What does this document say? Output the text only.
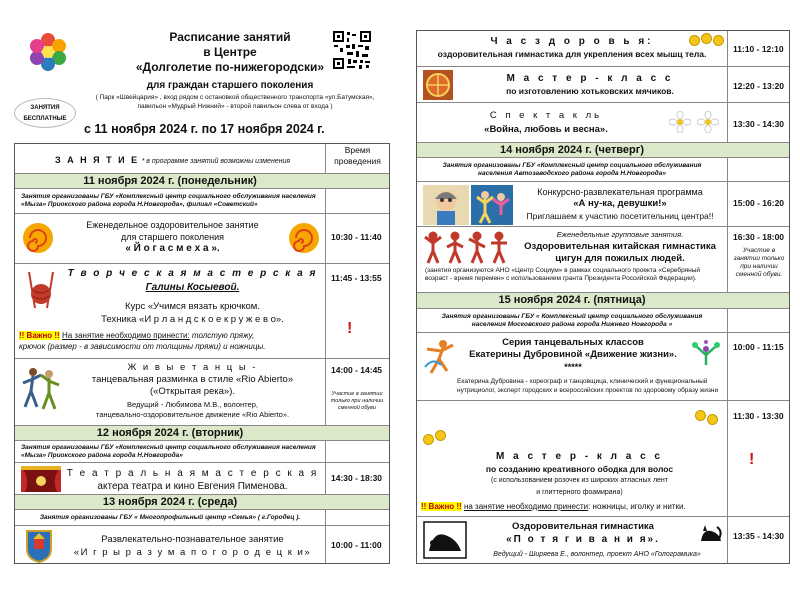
Расписание занятий
в Центре
«Долголетие по-нижегородски»
для граждан старшего поколения
( Парк «Швейцария» , вход рядом с остановкой общественного транспорта «ул.Батумская»,
павильон «Мудрый Нижний» - второй павильон слева от входа )
ЗАНЯТИЯ
БЕСПЛАТНЫЕ
с 11 ноября 2024 г. по 17 ноября 2024 г.
З А Н Я Т И Е * в программе занятий возможны изменения
Время
проведения
11 ноября 2024 г. (понедельник)
Занятия организованы ГБУ «Комплексный центр социального обслуживания населения «Мыза» Приокского района города Н.Новгорода», филиал «Советский»
Еженедельное оздоровительное занятие
для старшего поколения
« Й о г а с м е х а ».
10:30 - 11:40
Т в о р ч е с к а я м а с т е р с к а я
Галины Косыевой.
Курс «Учимся вязать крючком.
Техника «И р л а н д с к о е к р у ж е в о».
!! Важно !! На занятие необходимо принести: толстую пряжу,
крючок (размер - в зависимости от толщины пряжи) и ножницы.
11:45 - 13:55
!
Ж и в ы е т а н ц ы -
танцевальная разминка в стиле «Rio Abierto»
(«Открытая река»).
Ведущий - Любимова М.В., волонтер,
танцевально-оздоровительное движение «Rio Abierto».
14:00 - 14:45
Участие в занятии только при наличии сменной обуви
12 ноября 2024 г. (вторник)
Занятия организованы ГБУ «Комплексный центр социального обслуживания населения «Мыза» Приокского района города Н.Новгорода»
Т е а т р а л ь н а я м а с т е р с к а я
актера театра и кино Евгения Пименова.
14:30 - 18:30
13 ноября 2024 г. (среда)
Занятия организованы ГБУ « Многопрофильный центр «Семья» ( г.Городец ).
Развлекательно-познавательное занятие
«И г р ы р а з у м а п о г о р о д е ц к и»
10:00 - 11:00
Ч а с з д о р о в ь я:
оздоровительная гимнастика для укрепления всех мышц тела.	11:10 - 12:10
М а с т е р - к л а с с
по изготовлению хотьковских мячиков.	12:20 - 13:20
С п е к т а к ль
«Война, любовь и весна».	13:30 - 14:30
14 ноября 2024 г. (четверг)
Занятия организованы ГБУ «Комплексный центр социального обслуживания населения Автозаводского района города Н.Новгорода»
Конкурсно-развлекательная программа
«А ну-ка, девушки!»
Приглашаем к участию посетительниц центра!!
15:00 - 16:20
Еженедельные групповые занятия.
Оздоровительная китайская гимнастика
цигун для пожилых людей.
(занятия организуются АНО «Центр Социум» в рамках социального проекта «Серебряный возраст - время перемен» с использованием гранта Президента Российской Федерации).
16:30 - 18:00
Участие в занятии только при наличии сменной обуви.
15 ноября 2024 г. (пятница)
Занятия организованы ГБУ « Комплексный центр социального обслуживания населения Московского района города Нижнего Новгорода »
Серия танцевальных классов
Екатерины Дубровиной «Движение жизни».
*****
Екатерина Дубровина - хореограф и танцовщица, клинический и функциональный нутрициолог, эксперт городских и всероссийских проектов по здоровому образу жизни
10:00 - 11:15
М а с т е р - к л а с с
по созданию креативного ободка для волос
(с использованием розочек из широких атласных лент
и глиттерного фоамирана)
!! Важно !! на занятие необходимо принести: ножницы, иголку и нитки.
11:30 - 13:30
!
Оздоровительная гимнастика
«П о т я г и в а н и я».
Ведущий - Ширяева Е., волонтер, проект АНО «Голограмика»
13:35 - 14:30
